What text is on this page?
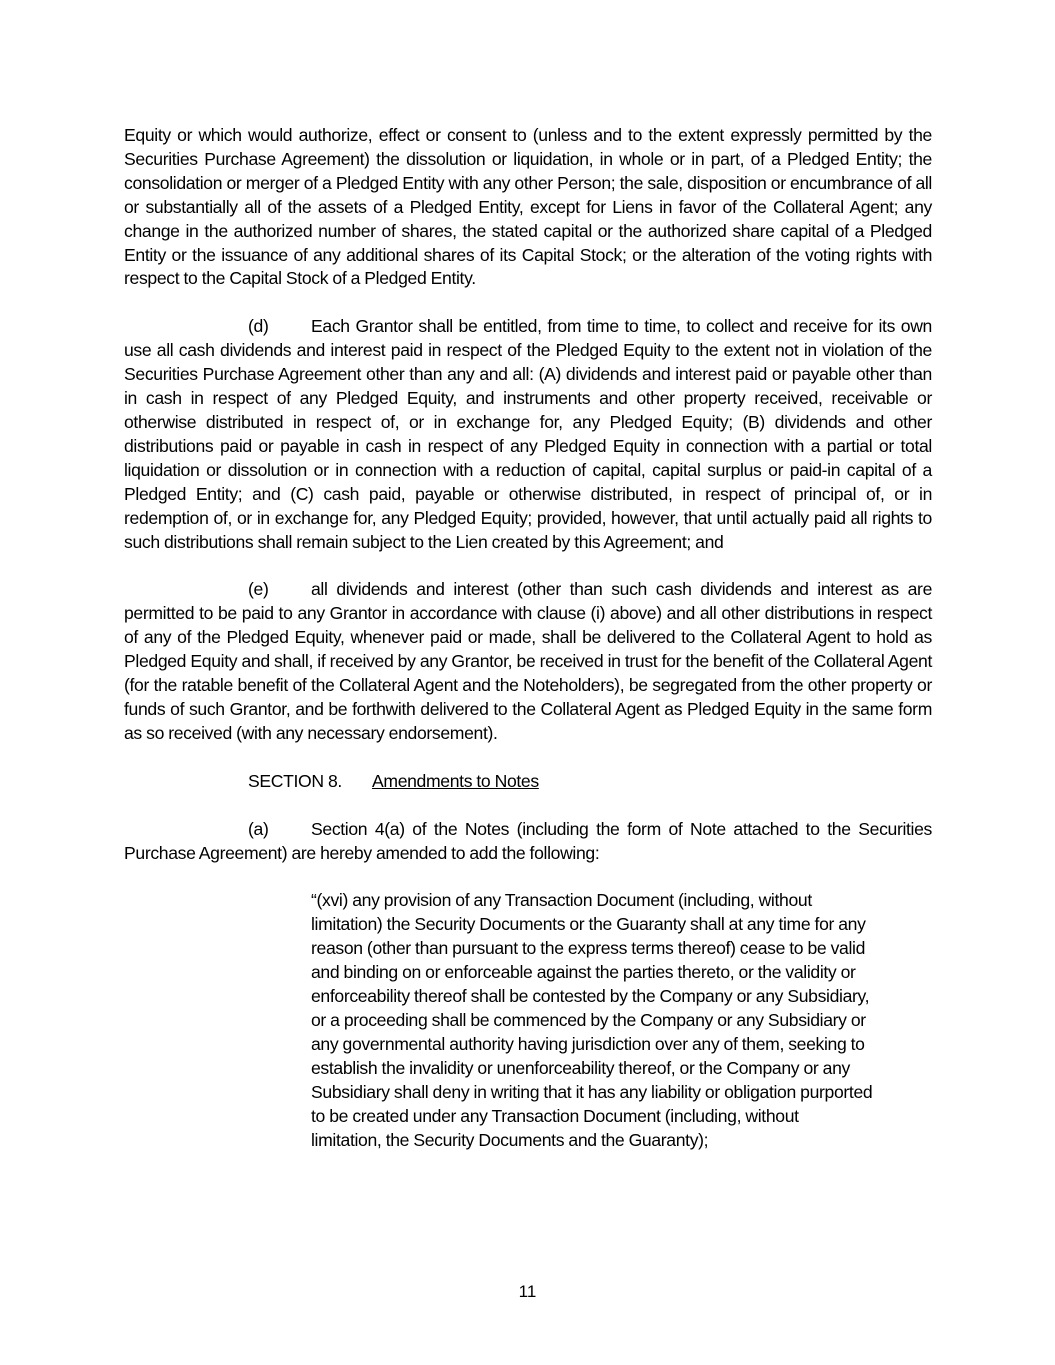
Equity or which would authorize, effect or consent to (unless and to the extent expressly permitted by the Securities Purchase Agreement) the dissolution or liquidation, in whole or in part, of a Pledged Entity; the consolidation or merger of a Pledged Entity with any other Person; the sale, disposition or encumbrance of all or substantially all of the assets of a Pledged Entity, except for Liens in favor of the Collateral Agent; any change in the authorized number of shares, the stated capital or the authorized share capital of a Pledged Entity or the issuance of any additional shares of its Capital Stock; or the alteration of the voting rights with respect to the Capital Stock of a Pledged Entity.

(d) Each Grantor shall be entitled, from time to time, to collect and receive for its own use all cash dividends and interest paid in respect of the Pledged Equity to the extent not in violation of the Securities Purchase Agreement other than any and all: (A) dividends and interest paid or payable other than in cash in respect of any Pledged Equity, and instruments and other property received, receivable or otherwise distributed in respect of, or in exchange for, any Pledged Equity; (B) dividends and other distributions paid or payable in cash in respect of any Pledged Equity in connection with a partial or total liquidation or dissolution or in connection with a reduction of capital, capital surplus or paid-in capital of a Pledged Entity; and (C) cash paid, payable or otherwise distributed, in respect of principal of, or in redemption of, or in exchange for, any Pledged Equity; provided, however, that until actually paid all rights to such distributions shall remain subject to the Lien created by this Agreement; and

(e) all dividends and interest (other than such cash dividends and interest as are permitted to be paid to any Grantor in accordance with clause (i) above) and all other distributions in respect of any of the Pledged Equity, whenever paid or made, shall be delivered to the Collateral Agent to hold as Pledged Equity and shall, if received by any Grantor, be received in trust for the benefit of the Collateral Agent (for the ratable benefit of the Collateral Agent and the Noteholders), be segregated from the other property or funds of such Grantor, and be forthwith delivered to the Collateral Agent as Pledged Equity in the same form as so received (with any necessary endorsement).

SECTION 8. Amendments to Notes

(a) Section 4(a) of the Notes (including the form of Note attached to the Securities Purchase Agreement) are hereby amended to add the following:

“(xvi) any provision of any Transaction Document (including, without limitation) the Security Documents or the Guaranty shall at any time for any reason (other than pursuant to the express terms thereof) cease to be valid and binding on or enforceable against the parties thereto, or the validity or enforceability thereof shall be contested by the Company or any Subsidiary, or a proceeding shall be commenced by the Company or any Subsidiary or any governmental authority having jurisdiction over any of them, seeking to establish the invalidity or unenforceability thereof, or the Company or any Subsidiary shall deny in writing that it has any liability or obligation purported to be created under any Transaction Document (including, without limitation, the Security Documents and the Guaranty);

11
